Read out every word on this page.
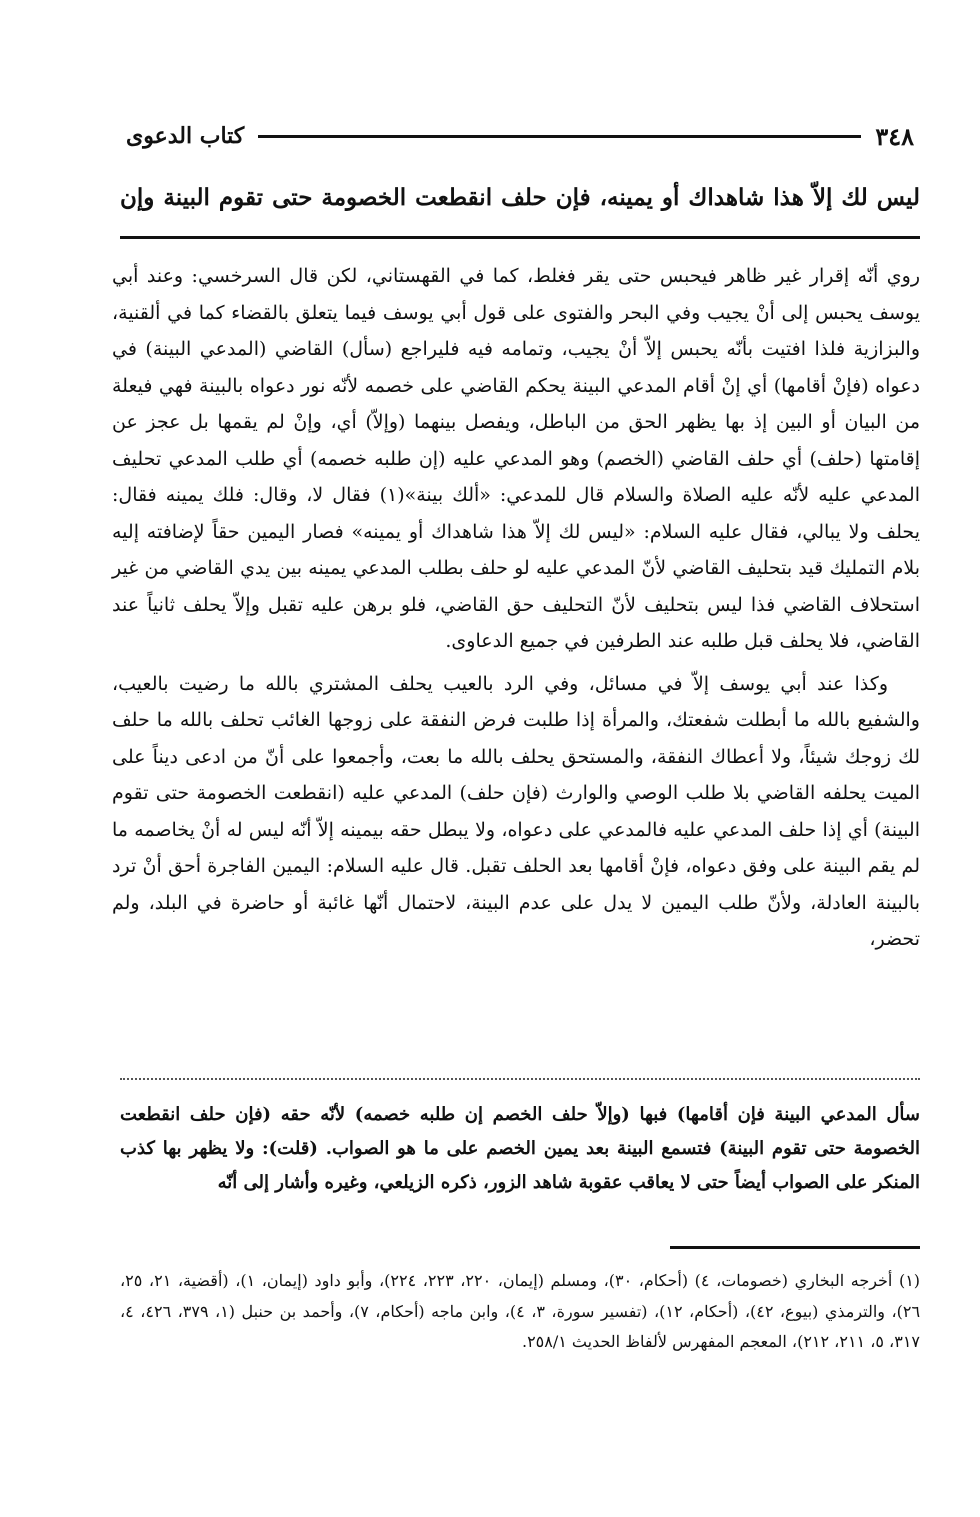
٣٤٨
كتاب الدعوى
ليس لك إلاّ هذا شاهداك أو يمينه، فإن حلف انقطعت الخصومة حتى تقوم البينة وإن

روي أنّه إقرار غير ظاهر فيحبس حتى يقر فغلط، كما في القهستاني، لكن قال السرخسي: وعند أبي يوسف يحبس إلى أنْ يجيب وفي البحر والفتوى على قول أبي يوسف فيما يتعلق بالقضاء كما في ألقنية، والبزازية فلذا افتيت بأنّه يحبس إلاّ أنْ يجيب، وتمامه فيه فليراجع (سأل) القاضي (المدعي البينة) في دعواه (فإنْ أقامها) أي إنْ أقام المدعي البينة يحكم القاضي على خصمه لأنّه نور دعواه بالبينة فهي فيعلة من البيان أو البين إذ بها يظهر الحق من الباطل، ويفصل بينهما (وإلاّ) أي، وإنْ لم يقمها بل عجز عن إقامتها (حلف) أي حلف القاضي (الخصم) وهو المدعي عليه (إن طلبه خصمه) أي طلب المدعي تحليف المدعي عليه لأنّه عليه الصلاة والسلام قال للمدعي: «ألك بينة»(١) فقال لا، وقال: فلك يمينه فقال: يحلف ولا يبالي، فقال عليه السلام: «ليس لك إلاّ هذا شاهداك أو يمينه» فصار اليمين حقاً لإضافته إليه بلام التمليك قيد بتحليف القاضي لأنّ المدعي عليه لو حلف بطلب المدعي يمينه بين يدي القاضي من غير استحلاف القاضي فذا ليس بتحليف لأنّ التحليف حق القاضي، فلو برهن عليه تقبل وإلاّ يحلف ثانياً عند القاضي، فلا يحلف قبل طلبه عند الطرفين في جميع الدعاوى.

وكذا عند أبي يوسف إلاّ في مسائل، وفي الرد بالعيب يحلف المشتري بالله ما رضيت بالعيب، والشفيع بالله ما أبطلت شفعتك، والمرأة إذا طلبت فرض النفقة على زوجها الغائب تحلف بالله ما حلف لك زوجك شيئاً، ولا أعطاك النفقة، والمستحق يحلف بالله ما بعت، وأجمعوا على أنّ من ادعى ديناً على الميت يحلفه القاضي بلا طلب الوصي والوارث (فإن حلف) المدعي عليه (انقطعت الخصومة حتى تقوم البينة) أي إذا حلف المدعي عليه فالمدعي على دعواه، ولا يبطل حقه بيمينه إلاّ أنّه ليس له أنْ يخاصمه ما لم يقم البينة على وفق دعواه، فإنْ أقامها بعد الحلف تقبل. قال عليه السلام: اليمين الفاجرة أحق أنْ ترد بالبينة العادلة، ولأنّ طلب اليمين لا يدل على عدم البينة، لاحتمال أنّها غائبة أو حاضرة في البلد، ولم تحضر،

سأل المدعي البينة فإن أقامها) فبها (وإلاّ حلف الخصم إن طلبه خصمه) لأنّه حقه (فإن حلف انقطعت الخصومة حتى تقوم البينة) فتسمع البينة بعد يمين الخصم على ما هو الصواب. (قلت): ولا يظهر بها كذب المنكر على الصواب أيضاً حتى لا يعاقب عقوبة شاهد الزور، ذكره الزيلعي، وغيره وأشار إلى أنّه

(١) أخرجه البخاري (خصومات، ٤) (أحكام، ٣٠)، ومسلم (إيمان، ٢٢٠، ٢٢٣، ٢٢٤)، وأبو داود (إيمان، ١)، (أقضية، ٢١، ٢٥، ٢٦)، والترمذي (بيوع، ٤٢)، (أحكام، ١٢)، (تفسير سورة، ٣، ٤)، وابن ماجه (أحكام، ٧)، وأحمد بن حنبل (١، ٣٧٩، ٤٢٦، ٤، ٣١٧، ٥، ٢١١، ٢١٢)، المعجم المفهرس لألفاظ الحديث ٢٥٨/١.
